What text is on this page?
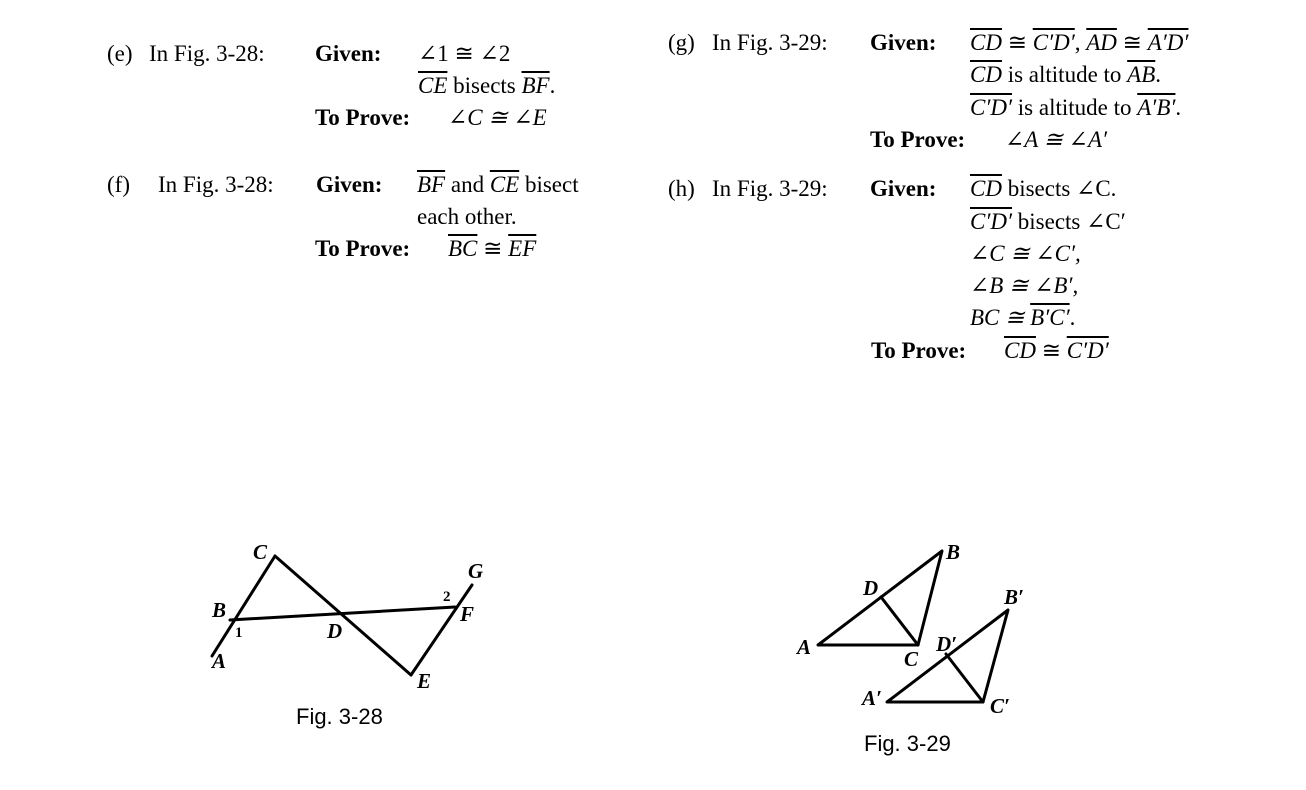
(e) In Fig. 3-28: Given: ∠1 ≅ ∠2
$\overline{CE}$ bisects $\overline{BF}$.
To Prove: ∠C ≅ ∠E
(f) In Fig. 3-28: Given: $\overline{BF}$ and $\overline{CE}$ bisect
each other.
To Prove: $\overline{BC}$ ≅ $\overline{EF}$
(g) In Fig. 3-29: Given: $\overline{CD}$ ≅ C′D′, $\overline{AD}$ ≅ A′D′
$\overline{CD}$ is altitude to $\overline{AB}$.
C′D′ is altitude to A′B′.
To Prove: ∠A ≅ ∠A′
(h) In Fig. 3-29: Given: $\overline{CD}$ bisects ∠C.
C′D′ bisects ∠C′
∠C ≅ ∠C′,
∠B ≅ ∠B′,
BC ≅ B′C′.
To Prove: $\overline{CD}$ ≅ C′D′
C
B
A
D
E
F
G
1
2
B
D
A	C
B′
D′
A′	C′
Fig. 3-28
Fig. 3-29
